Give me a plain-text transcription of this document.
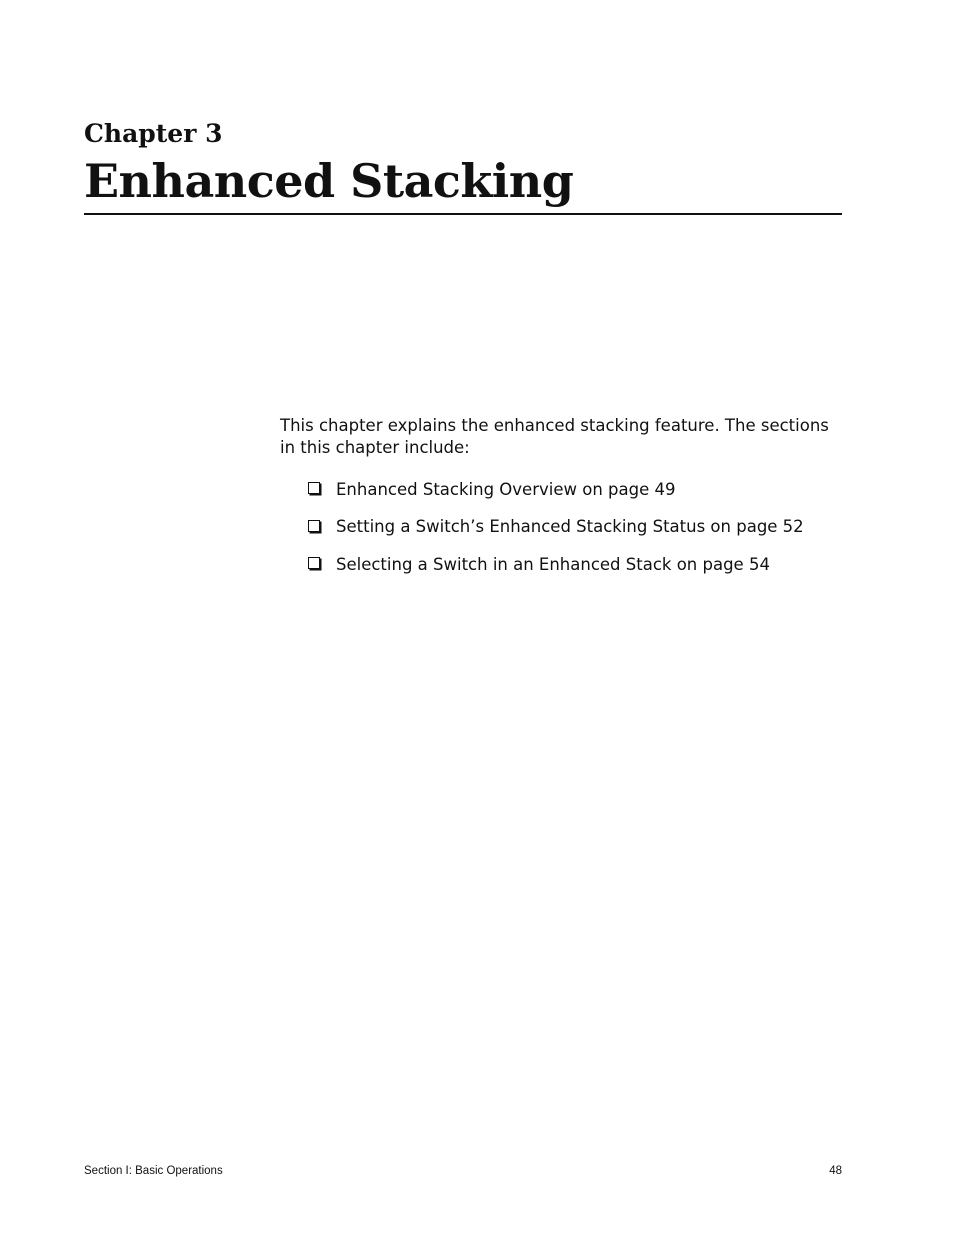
Chapter 3
Enhanced Stacking

This chapter explains the enhanced stacking feature. The sections in this chapter include:

Enhanced Stacking Overview on page 49
Setting a Switch’s Enhanced Stacking Status on page 52
Selecting a Switch in an Enhanced Stack on page 54
Section I: Basic Operations	48
